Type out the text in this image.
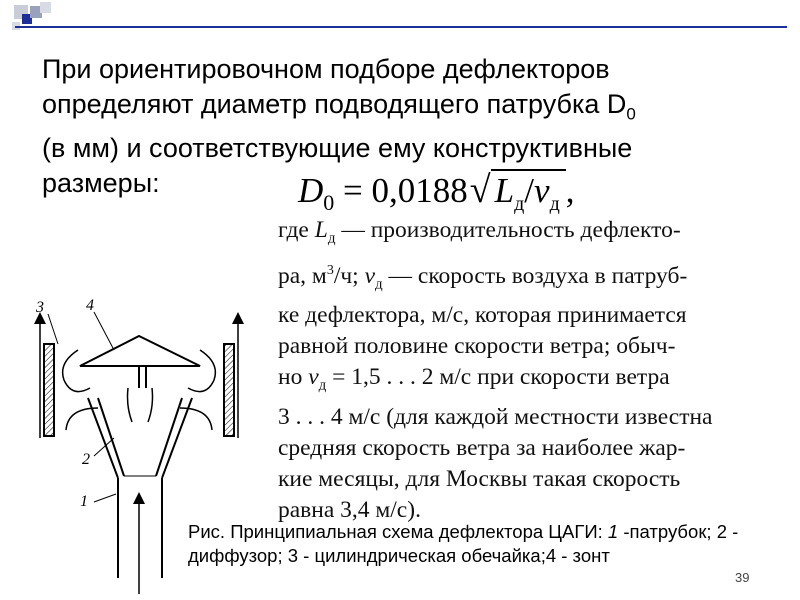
При ориентировочном подборе дефлекторов
определяют диаметр подводящего патрубка $D_0$
(в мм) и соответствующие ему конструктивные
размеры:	$D_0 = 0,0188√$ $L_д/v_д$ ,
где $L_д$ — производительность дефлекто-
ра, $м^3/ч$; $v_д$ — скорость воздуха в патруб-
ке дефлектора, м/с, которая принимается
равной половине скорости ветра; обыч-
но $v_д = 1,5$ . . . 2 м/с при скорости ветра
3 . . . 4 м/с (для каждой местности известна
средняя скорость ветра за наиболее жар-
кие месяцы, для Москвы такая скорость
равна 3,4 м/с).
1
2
3	4
Рис. Принципиальная схема дефлектора ЦАГИ: 1 -патрубок; 2 - диффузор; 3 - цилиндрическая обечайка;4 - зонт
39
